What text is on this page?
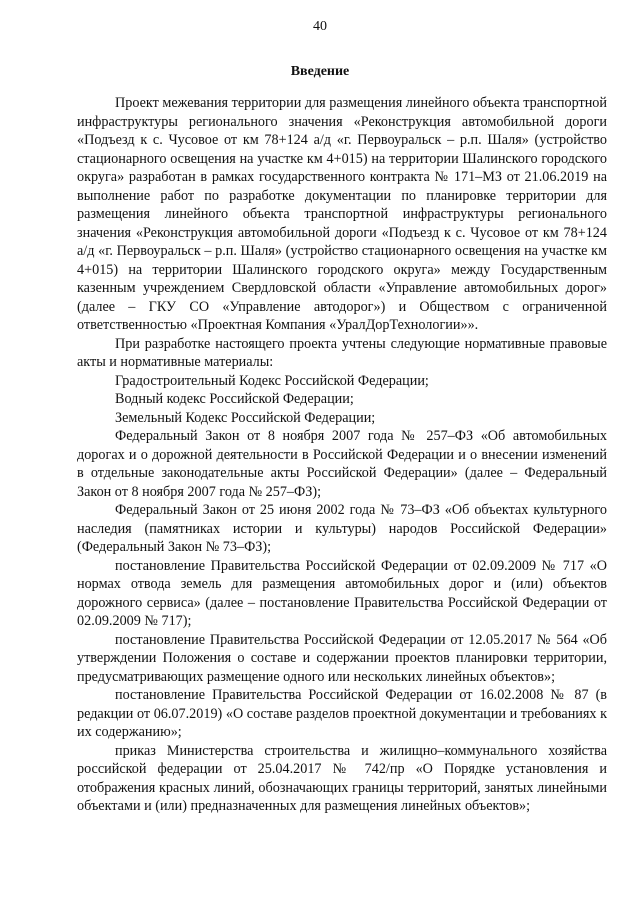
40
Введение

Проект межевания территории для размещения линейного объекта транспортной инфраструктуры регионального значения «Реконструкция автомобильной дороги «Подъезд к с. Чусовое от км 78+124 а/д «г. Первоуральск – р.п. Шаля» (устройство стационарного освещения на участке км 4+015) на территории Шалинского городского округа» разработан в рамках государственного контракта № 171–МЗ от 21.06.2019 на выполнение работ по разработке документации по планировке территории для размещения линейного объекта транспортной инфраструктуры регионального значения «Реконструкция автомобильной дороги «Подъезд к с. Чусовое от км 78+124 а/д «г. Первоуральск – р.п. Шаля» (устройство стационарного освещения на участке км 4+015) на территории Шалинского городского округа» между Государственным казенным учреждением Свердловской области «Управление автомобильных дорог» (далее – ГКУ СО «Управление автодорог») и Обществом с ограниченной ответственностью «Проектная Компания «УралДорТехнологии»».

При разработке настоящего проекта учтены следующие нормативные правовые акты и нормативные материалы:

Градостроительный Кодекс Российской Федерации;

Водный кодекс Российской Федерации;

Земельный Кодекс Российской Федерации;

Федеральный Закон от 8 ноября 2007 года № 257–ФЗ «Об автомобильных дорогах и о дорожной деятельности в Российской Федерации и о внесении изменений в отдельные законодательные акты Российской Федерации» (далее – Федеральный Закон от 8 ноября 2007 года № 257–ФЗ);

Федеральный Закон от 25 июня 2002 года № 73–ФЗ «Об объектах культурного наследия (памятниках истории и культуры) народов Российской Федерации» (Федеральный Закон № 73–ФЗ);

постановление Правительства Российской Федерации от 02.09.2009 № 717 «О нормах отвода земель для размещения автомобильных дорог и (или) объектов дорожного сервиса» (далее – постановление Правительства Российской Федерации от 02.09.2009 № 717);

постановление Правительства Российской Федерации от 12.05.2017 № 564 «Об утверждении Положения о составе и содержании проектов планировки территории, предусматривающих размещение одного или нескольких линейных объектов»;

постановление Правительства Российской Федерации от 16.02.2008 № 87 (в редакции от 06.07.2019) «О составе разделов проектной документации и требованиях к их содержанию»;

приказ Министерства строительства и жилищно–коммунального хозяйства российской федерации от 25.04.2017 № 742/пр «О Порядке установления и отображения красных линий, обозначающих границы территорий, занятых линейными объектами и (или) предназначенных для размещения линейных объектов»;
